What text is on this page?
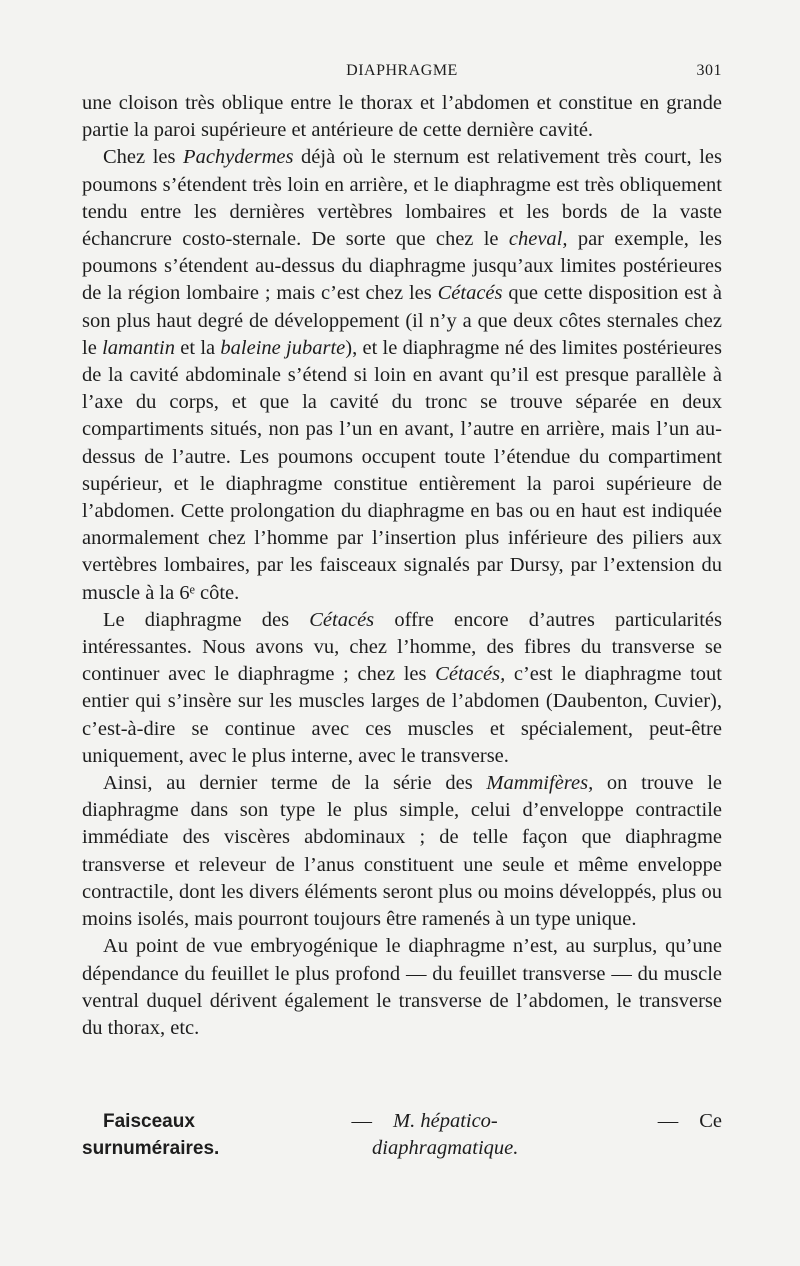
DIAPHRAGME	301

une cloison très oblique entre le thorax et l’abdomen et constitue en grande partie la paroi supérieure et antérieure de cette dernière cavité.

Chez les Pachydermes déjà où le sternum est relativement très court, les poumons s’étendent très loin en arrière, et le diaphragme est très obliquement tendu entre les dernières vertèbres lombaires et les bords de la vaste échancrure costo-sternale. De sorte que chez le cheval, par exemple, les poumons s’étendent au-dessus du diaphragme jusqu’aux limites postérieures de la région lombaire ; mais c’est chez les Cétacés que cette disposition est à son plus haut degré de développement (il n’y a que deux côtes sternales chez le lamantin et la baleine jubarte), et le diaphragme né des limites postérieures de la cavité abdominale s’étend si loin en avant qu’il est presque parallèle à l’axe du corps, et que la cavité du tronc se trouve séparée en deux compartiments situés, non pas l’un en avant, l’autre en arrière, mais l’un au-dessus de l’autre. Les poumons occupent toute l’étendue du compartiment supérieur, et le diaphragme constitue entièrement la paroi supérieure de l’abdomen. Cette prolongation du diaphragme en bas ou en haut est indiquée anormalement chez l’homme par l’insertion plus inférieure des piliers aux vertèbres lombaires, par les faisceaux signalés par Dursy, par l’extension du muscle à la 6ᵉ côte.

Le diaphragme des Cétacés offre encore d’autres particularités intéressantes. Nous avons vu, chez l’homme, des fibres du transverse se continuer avec le diaphragme ; chez les Cétacés, c’est le diaphragme tout entier qui s’insère sur les muscles larges de l’abdomen (Daubenton, Cuvier), c’est-à-dire se continue avec ces muscles et spécialement, peut-être uniquement, avec le plus interne, avec le transverse.

Ainsi, au dernier terme de la série des Mammifères, on trouve le diaphragme dans son type le plus simple, celui d’enveloppe contractile immédiate des viscères abdominaux ; de telle façon que diaphragme transverse et releveur de l’anus constituent une seule et même enveloppe contractile, dont les divers éléments seront plus ou moins développés, plus ou moins isolés, mais pourront toujours être ramenés à un type unique.

Au point de vue embryogénique le diaphragme n’est, au surplus, qu’une dépendance du feuillet le plus profond — du feuillet transverse — du muscle ventral duquel dérivent également le transverse de l’abdomen, le transverse du thorax, etc.

Faisceaux surnuméraires.
—	M. hépatico-diaphragmatique.
—	Ce
